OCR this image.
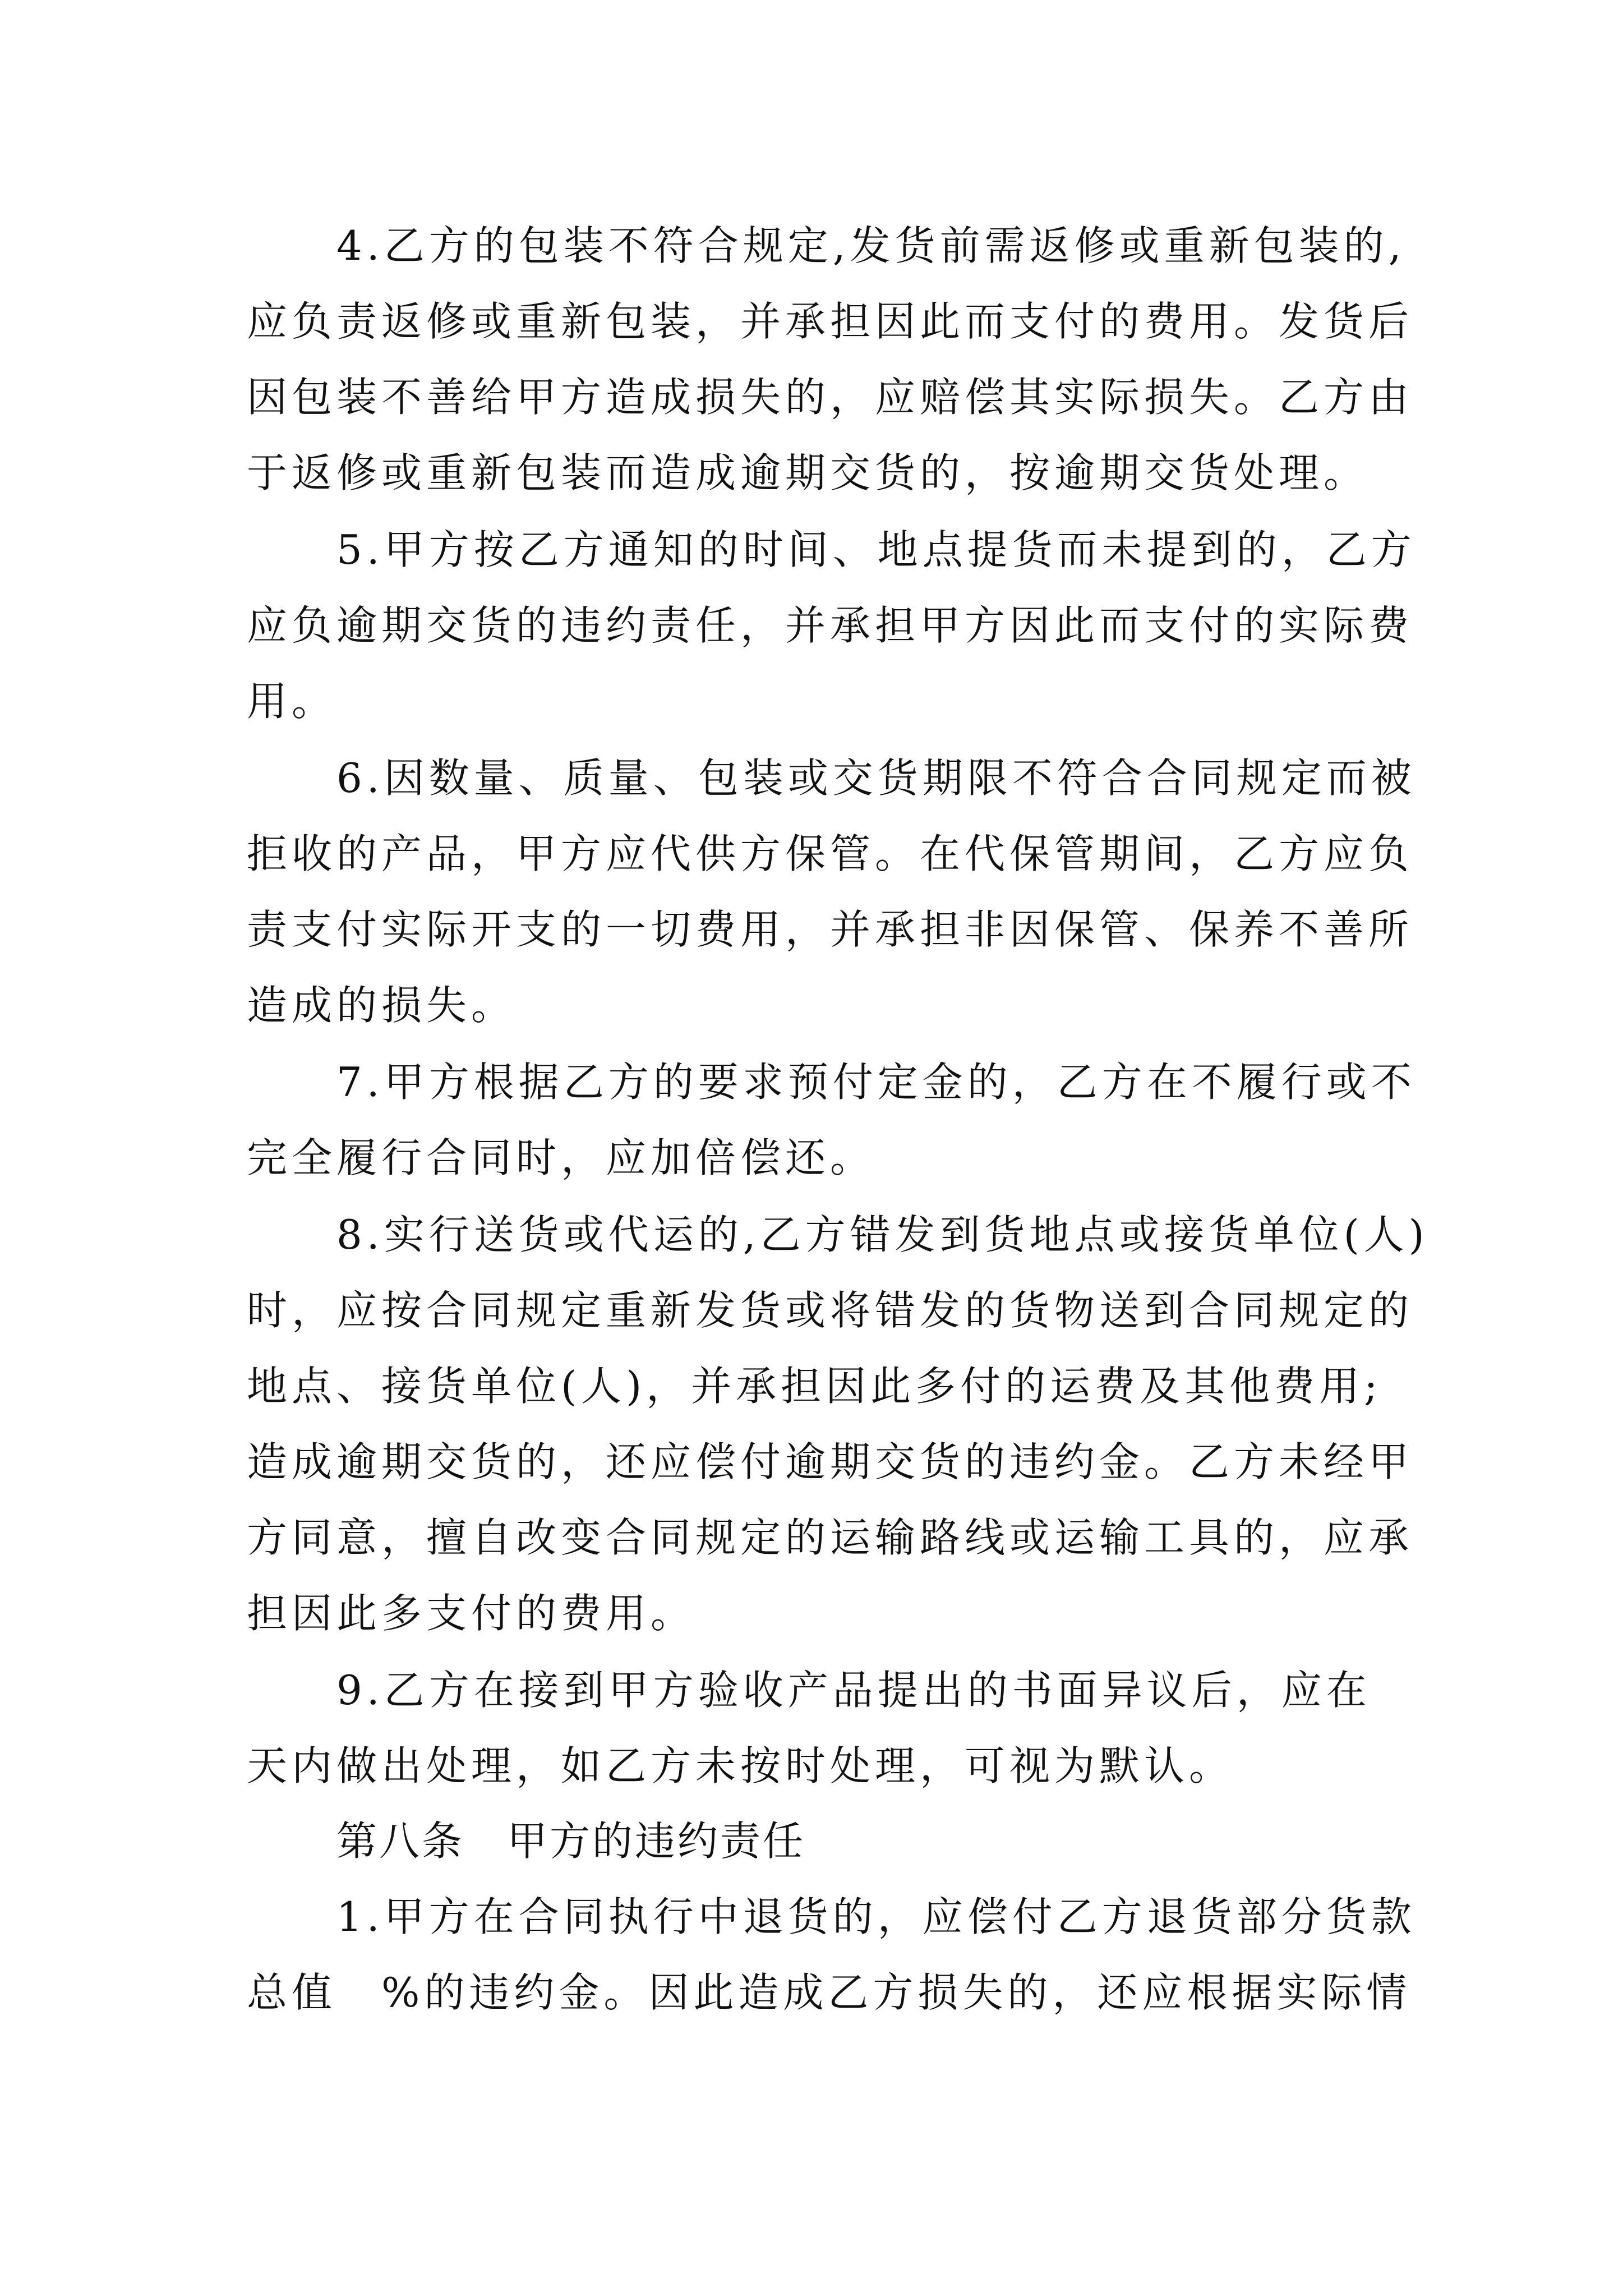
4.乙方的包装不符合规定,发货前需返修或重新包装的,

应负责返修或重新包装，并承担因此而支付的费用。发货后

因包装不善给甲方造成损失的，应赔偿其实际损失。乙方由

于返修或重新包装而造成逾期交货的，按逾期交货处理。

5.甲方按乙方通知的时间、地点提货而未提到的，乙方

应负逾期交货的违约责任，并承担甲方因此而支付的实际费

用。

6.因数量、质量、包装或交货期限不符合合同规定而被

拒收的产品，甲方应代供方保管。在代保管期间，乙方应负

责支付实际开支的一切费用，并承担非因保管、保养不善所

造成的损失。

7.甲方根据乙方的要求预付定金的，乙方在不履行或不

完全履行合同时，应加倍偿还。

8.实行送货或代运的,乙方错发到货地点或接货单位(人)

时，应按合同规定重新发货或将错发的货物送到合同规定的

地点、接货单位(人)，并承担因此多付的运费及其他费用;

造成逾期交货的，还应偿付逾期交货的违约金。乙方未经甲

方同意，擅自改变合同规定的运输路线或运输工具的，应承

担因此多支付的费用。

9.乙方在接到甲方验收产品提出的书面异议后，应在

天内做出处理，如乙方未按时处理，可视为默认。

第八条　甲方的违约责任

1.甲方在合同执行中退货的，应偿付乙方退货部分货款

总值　%的违约金。因此造成乙方损失的，还应根据实际情
